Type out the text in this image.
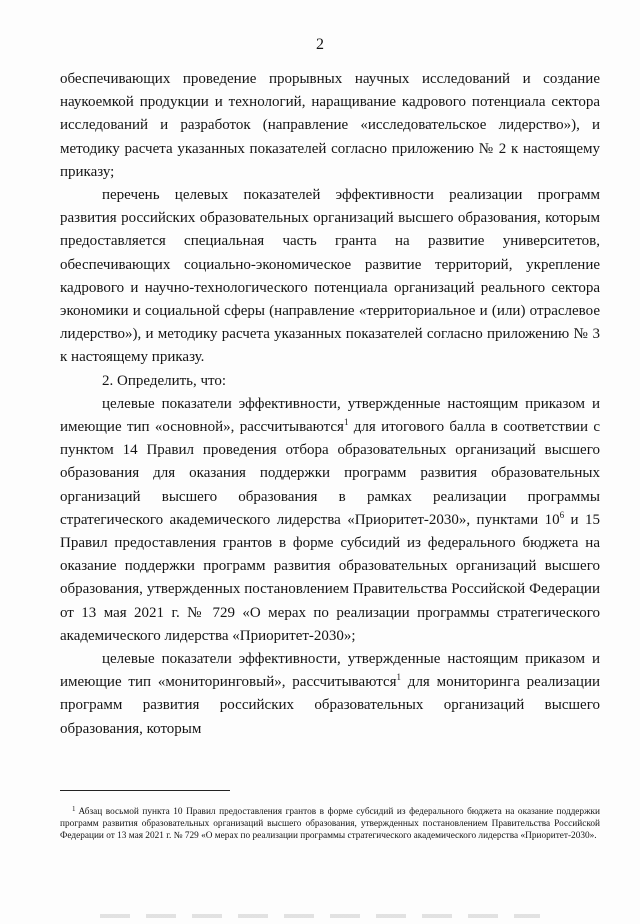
2

обеспечивающих проведение прорывных научных исследований и создание наукоемкой продукции и технологий, наращивание кадрового потенциала сектора исследований и разработок (направление «исследовательское лидерство»), и методику расчета указанных показателей согласно приложению № 2 к настоящему приказу;

перечень целевых показателей эффективности реализации программ развития российских образовательных организаций высшего образования, которым предоставляется специальная часть гранта на развитие университетов, обеспечивающих социально-экономическое развитие территорий, укрепление кадрового и научно-технологического потенциала организаций реального сектора экономики и социальной сферы (направление «территориальное и (или) отраслевое лидерство»), и методику расчета указанных показателей согласно приложению № 3 к настоящему приказу.

2. Определить, что:

целевые показатели эффективности, утвержденные настоящим приказом и имеющие тип «основной», рассчитываются$^1$ для итогового балла в соответствии с пунктом 14 Правил проведения отбора образовательных организаций высшего образования для оказания поддержки программ развития образовательных организаций высшего образования в рамках реализации программы стратегического академического лидерства «Приоритет-2030», пунктами $10^6$ и 15 Правил предоставления грантов в форме субсидий из федерального бюджета на оказание поддержки программ развития образовательных организаций высшего образования, утвержденных постановлением Правительства Российской Федерации от 13 мая 2021 г. № 729 «О мерах по реализации программы стратегического академического лидерства «Приоритет-2030»;

целевые показатели эффективности, утвержденные настоящим приказом и имеющие тип «мониторинговый», рассчитываются$^1$ для мониторинга реализации программ развития российских образовательных организаций высшего образования, которым

$^1$ Абзац восьмой пункта 10 Правил предоставления грантов в форме субсидий из федерального бюджета на оказание поддержки программ развития образовательных организаций высшего образования, утвержденных постановлением Правительства Российской Федерации от 13 мая 2021 г. № 729 «О мерах по реализации программы стратегического академического лидерства «Приоритет-2030».
